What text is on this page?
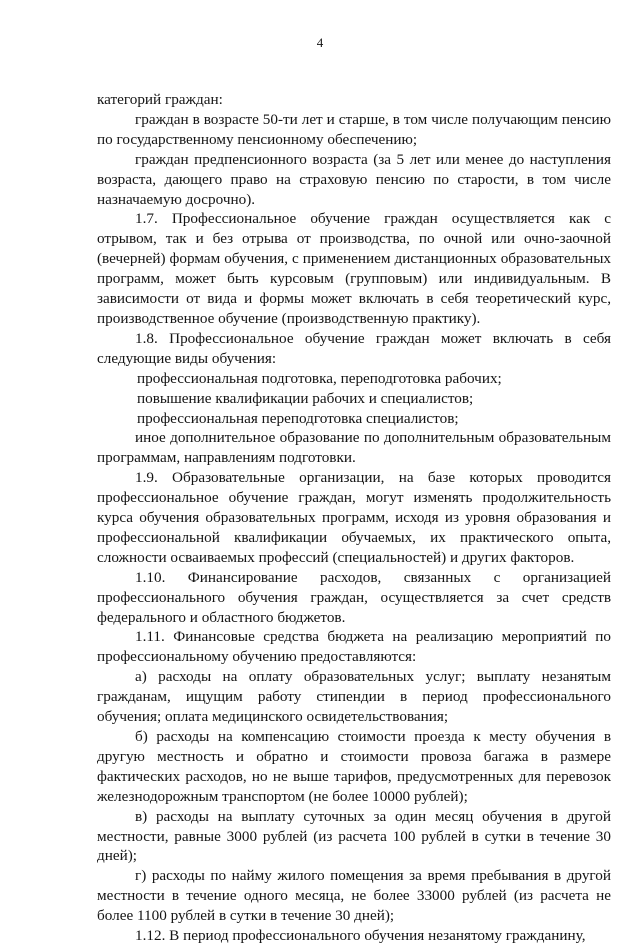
4

категорий граждан:

граждан в возрасте 50-ти лет и старше, в том числе получающим пенсию по государственному пенсионному обеспечению;

граждан предпенсионного возраста (за 5 лет или менее до наступления возраста, дающего право на страховую пенсию по старости, в том числе назначаемую досрочно).

1.7. Профессиональное обучение граждан осуществляется как с отрывом, так и без отрыва от производства, по очной или очно-заочной (вечерней) формам обучения, с применением дистанционных образовательных программ, может быть курсовым (групповым) или индивидуальным. В зависимости от вида и формы может включать в себя теоретический курс, производственное обучение (производственную практику).

1.8. Профессиональное обучение граждан может включать в себя следующие виды обучения:

профессиональная подготовка, переподготовка рабочих;

повышение квалификации рабочих и специалистов;

профессиональная переподготовка специалистов;

иное дополнительное образование по дополнительным образовательным программам, направлениям подготовки.

1.9. Образовательные организации, на базе которых проводится профессиональное обучение граждан, могут изменять продолжительность курса обучения образовательных программ, исходя из уровня образования и профессиональной квалификации обучаемых, их практического опыта, сложности осваиваемых профессий (специальностей) и других факторов.

1.10. Финансирование расходов, связанных с организацией профессионального обучения граждан, осуществляется за счет средств федерального и областного бюджетов.

1.11. Финансовые средства бюджета на реализацию мероприятий по профессиональному обучению предоставляются:

а) расходы на оплату образовательных услуг; выплату незанятым гражданам, ищущим работу стипендии в период профессионального обучения; оплата медицинского освидетельствования;

б) расходы на компенсацию стоимости проезда к месту обучения в другую местность и обратно и стоимости провоза багажа в размере фактических расходов, но не выше тарифов, предусмотренных для перевозок железнодорожным транспортом (не более 10000 рублей);

в) расходы на выплату суточных за один месяц обучения в другой местности, равные 3000 рублей (из расчета 100 рублей в сутки в течение 30 дней);

г) расходы по найму жилого помещения за время пребывания в другой местности в течение одного месяца, не более 33000 рублей (из расчета не более 1100 рублей в сутки в течение 30 дней);

1.12. В период профессионального обучения незанятому гражданину,
